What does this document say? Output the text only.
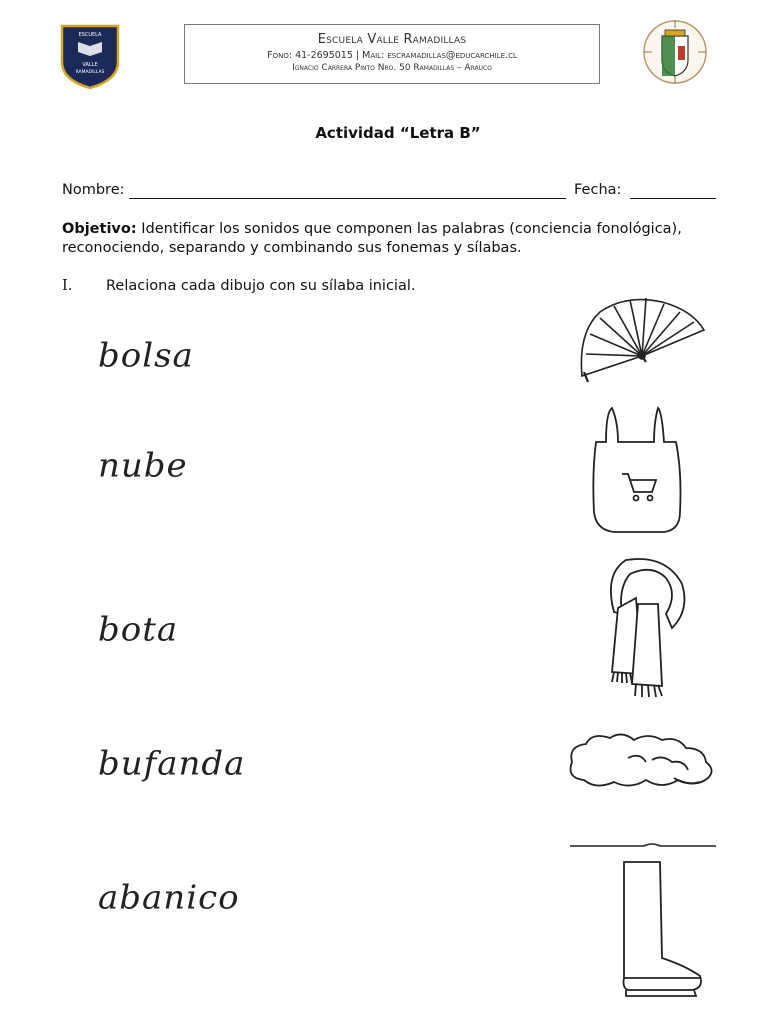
ESCUELA
VALLE
RAMADILLAS
Escuela Valle Ramadillas
Fono: 41-2695015 | Mail: escramadillas@educarchile.cl
Ignacio Carrera Pinto Nro. 50 Ramadillas – Arauco
Actividad “Letra B”
Nombre:	Fecha:
Objetivo: Identificar los sonidos que componen las palabras (conciencia fonológica), reconociendo, separando y combinando sus fonemas y sílabas.
I. Relaciona cada dibujo con su sílaba inicial.
bolsa
nube
bota
bufanda
abanico
